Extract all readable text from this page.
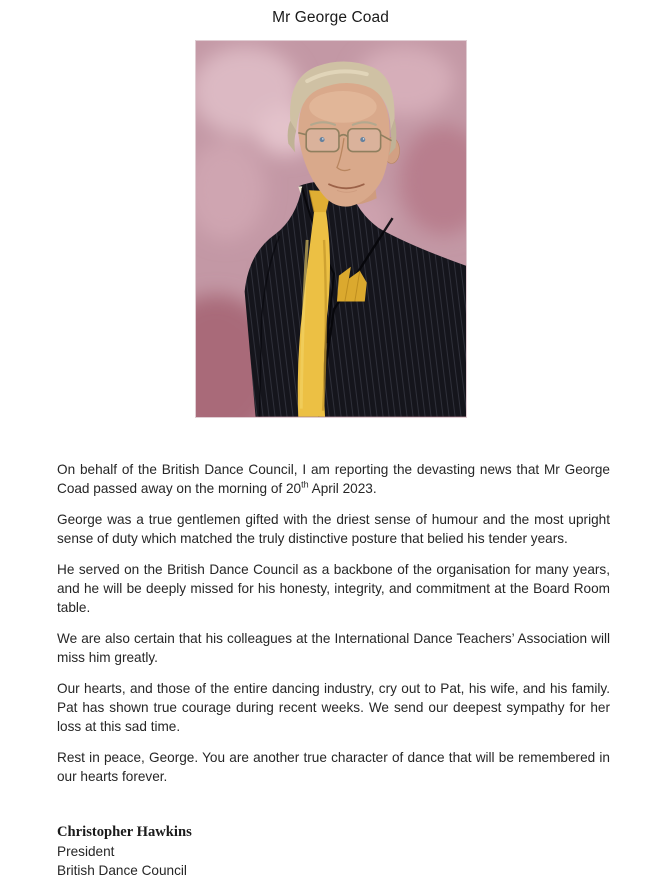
Mr George Coad

On behalf of the British Dance Council, I am reporting the devasting news that Mr George Coad passed away on the morning of 20th April 2023.

George was a true gentlemen gifted with the driest sense of humour and the most upright sense of duty which matched the truly distinctive posture that belied his tender years.

He served on the British Dance Council as a backbone of the organisation for many years, and he will be deeply missed for his honesty, integrity, and commitment at the Board Room table.

We are also certain that his colleagues at the International Dance Teachers’ Association will miss him greatly.

Our hearts, and those of the entire dancing industry, cry out to Pat, his wife, and his family. Pat has shown true courage during recent weeks. We send our deepest sympathy for her loss at this sad time.

Rest in peace, George. You are another true character of dance that will be remembered in our hearts forever.

Christopher Hawkins
President
British Dance Council
